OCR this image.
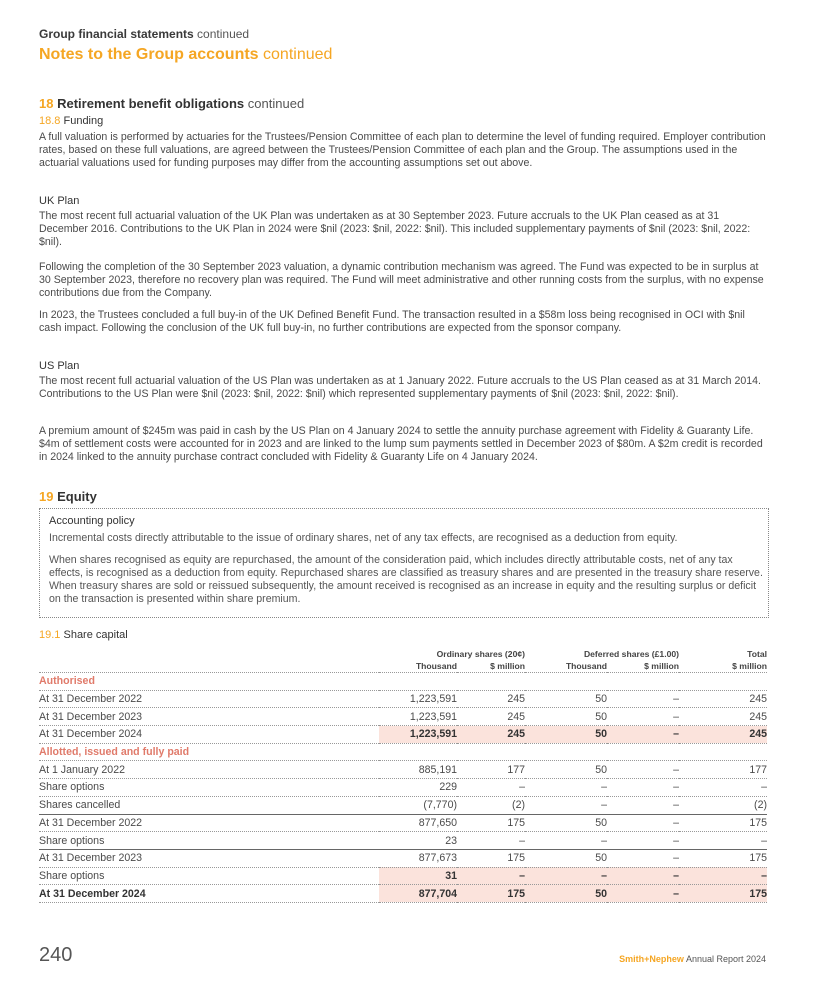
Group financial statements continued
Notes to the Group accounts continued
18 Retirement benefit obligations continued
18.8 Funding

A full valuation is performed by actuaries for the Trustees/Pension Committee of each plan to determine the level of funding required. Employer contribution rates, based on these full valuations, are agreed between the Trustees/Pension Committee of each plan and the Group. The assumptions used in the actuarial valuations used for funding purposes may differ from the accounting assumptions set out above.

UK Plan

The most recent full actuarial valuation of the UK Plan was undertaken as at 30 September 2023. Future accruals to the UK Plan ceased as at 31 December 2016. Contributions to the UK Plan in 2024 were $nil (2023: $nil, 2022: $nil). This included supplementary payments of $nil (2023: $nil, 2022: $nil).

Following the completion of the 30 September 2023 valuation, a dynamic contribution mechanism was agreed. The Fund was expected to be in surplus at 30 September 2023, therefore no recovery plan was required. The Fund will meet administrative and other running costs from the surplus, with no expense contributions due from the Company.

In 2023, the Trustees concluded a full buy-in of the UK Defined Benefit Fund. The transaction resulted in a $58m loss being recognised in OCI with $nil cash impact. Following the conclusion of the UK full buy-in, no further contributions are expected from the sponsor company.

US Plan

The most recent full actuarial valuation of the US Plan was undertaken as at 1 January 2022. Future accruals to the US Plan ceased as at 31 March 2014. Contributions to the US Plan were $nil (2023: $nil, 2022: $nil) which represented supplementary payments of $nil (2023: $nil, 2022: $nil).

A premium amount of $245m was paid in cash by the US Plan on 4 January 2024 to settle the annuity purchase agreement with Fidelity & Guaranty Life. $4m of settlement costs were accounted for in 2023 and are linked to the lump sum payments settled in December 2023 of $80m. A $2m credit is recorded in 2024 linked to the annuity purchase contract concluded with Fidelity & Guaranty Life on 4 January 2024.

19 Equity
Accounting policy

Incremental costs directly attributable to the issue of ordinary shares, net of any tax effects, are recognised as a deduction from equity.

When shares recognised as equity are repurchased, the amount of the consideration paid, which includes directly attributable costs, net of any tax effects, is recognised as a deduction from equity. Repurchased shares are classified as treasury shares and are presented in the treasury share reserve. When treasury shares are sold or reissued subsequently, the amount received is recognised as an increase in equity and the resulting surplus or deficit on the transaction is presented within share premium.

19.1 Share capital
	Ordinary shares (20¢)		Deferred shares (£1.00)		Total
	Thousand	$ million	Thousand	$ million	$ million
Authorised					
At 31 December 2022	1,223,591	245	50	–	245
At 31 December 2023	1,223,591	245	50	–	245
At 31 December 2024	1,223,591	245	50	–	245
Allotted, issued and fully paid					
At 1 January 2022	885,191	177	50	–	177
Share options	229	–	–	–	–
Shares cancelled	(7,770)	(2)	–	–	(2)
At 31 December 2022	877,650	175	50	–	175
Share options	23	–	–	–	–
At 31 December 2023	877,673	175	50	–	175
Share options	31	–	–	–	–
At 31 December 2024	877,704	175	50	–	175
240	Smith+Nephew Annual Report 2024
